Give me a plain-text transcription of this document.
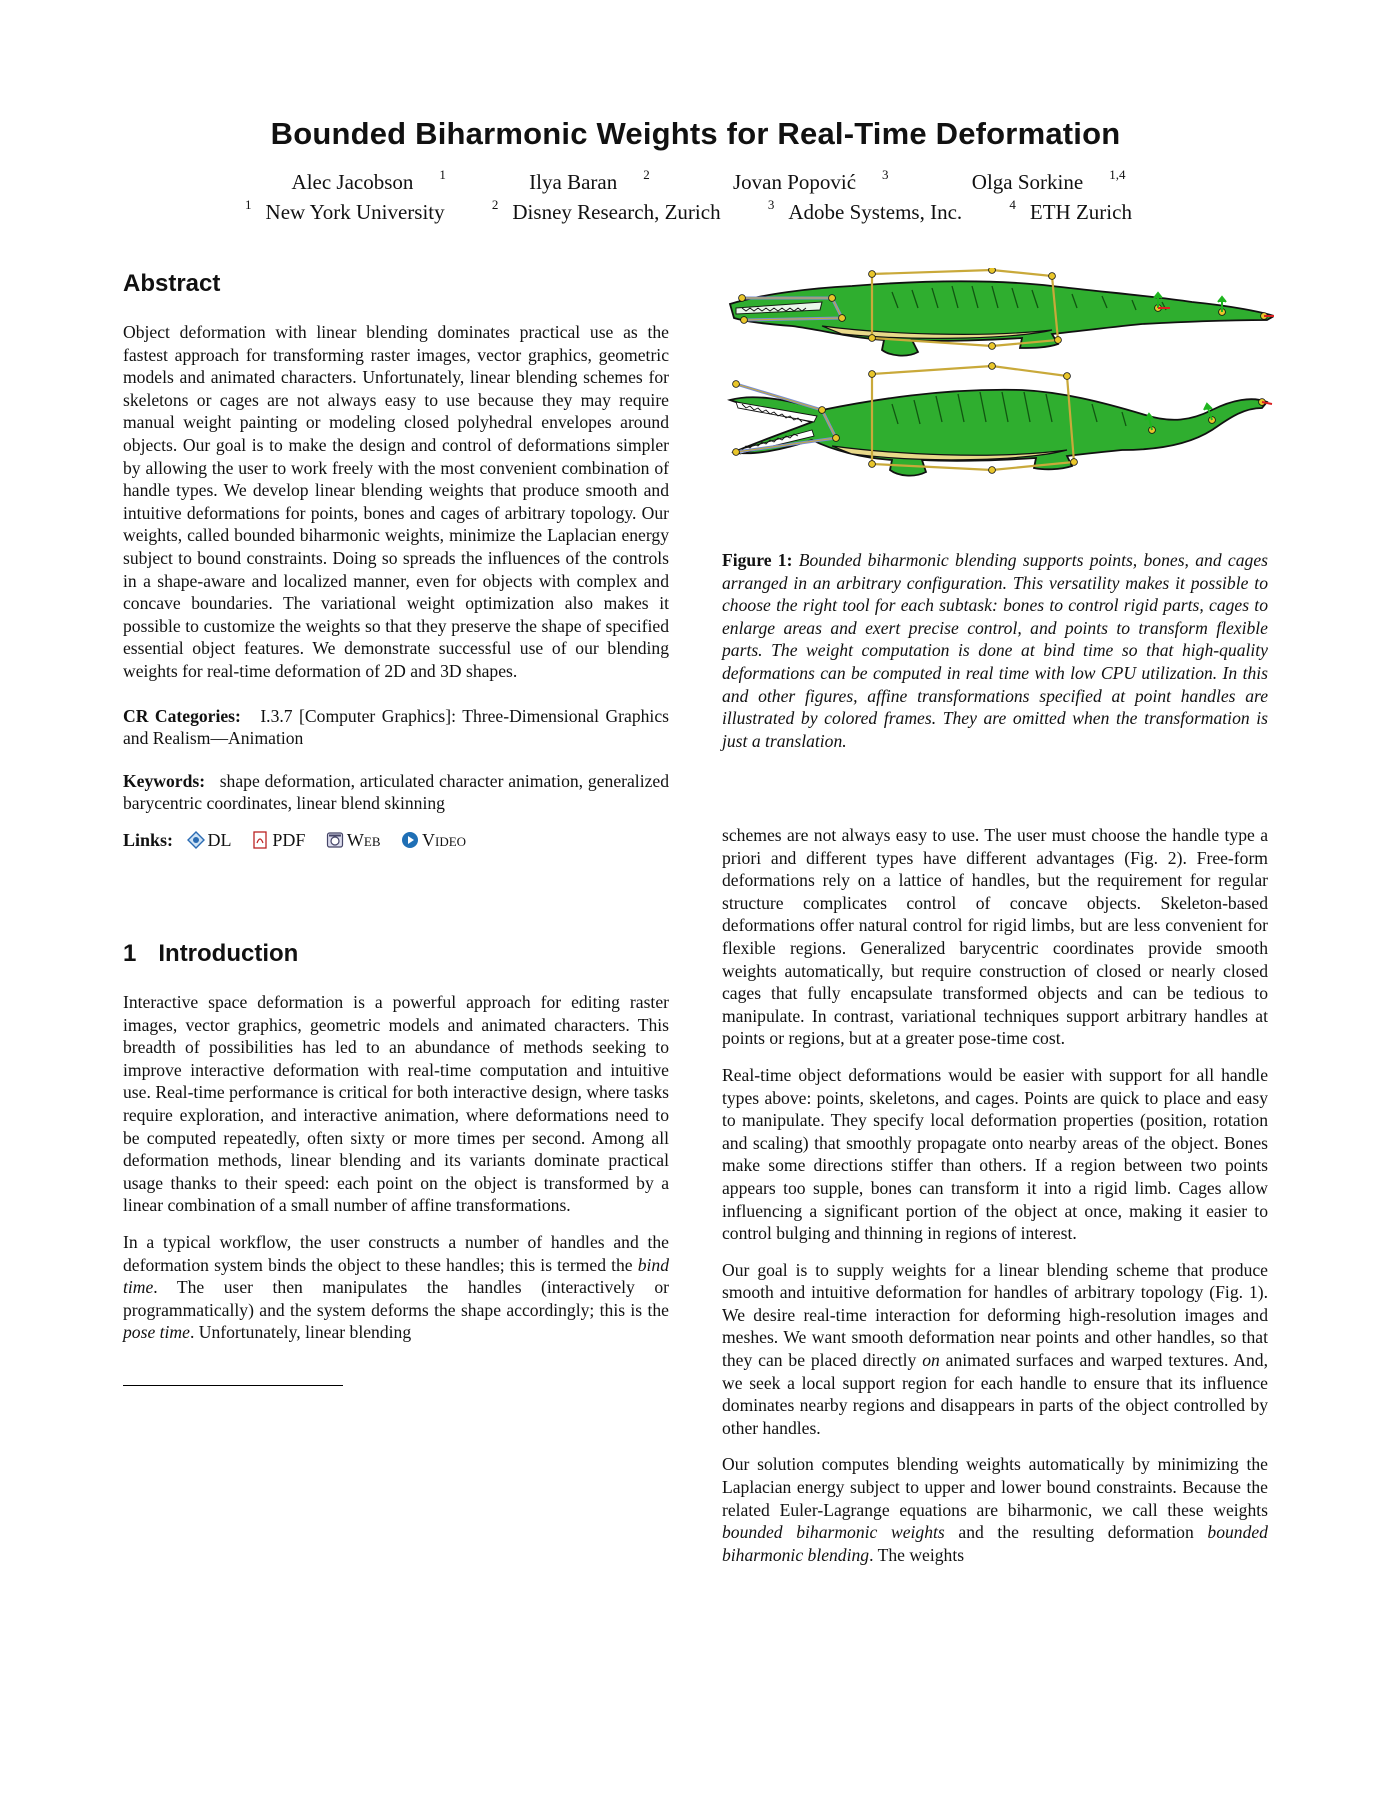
Bounded Biharmonic Weights for Real-Time Deformation
Alec Jacobson $^1$	Ilya Baran $^2$	Jovan Popović $^3$	Olga Sorkine $^{1,4}$
$^1$ New York University	$^2$ Disney Research, Zurich	$^3$ Adobe Systems, Inc.	$^4$ ETH Zurich
Abstract

Object deformation with linear blending dominates practical use as the fastest approach for transforming raster images, vector graphics, geometric models and animated characters. Unfortunately, linear blending schemes for skeletons or cages are not always easy to use because they may require manual weight painting or modeling closed polyhedral envelopes around objects. Our goal is to make the design and control of deformations simpler by allowing the user to work freely with the most convenient combination of handle types. We develop linear blending weights that produce smooth and intuitive deformations for points, bones and cages of arbitrary topology. Our weights, called bounded biharmonic weights, minimize the Laplacian energy subject to bound constraints. Doing so spreads the influences of the controls in a shape-aware and localized manner, even for objects with complex and concave boundaries. The variational weight optimization also makes it possible to customize the weights so that they preserve the shape of specified essential object features. We demonstrate successful use of our blending weights for real-time deformation of 2D and 3D shapes.

CR Categories: I.3.7 [Computer Graphics]: Three-Dimensional Graphics and Realism—Animation

Keywords: shape deformation, articulated character animation, generalized barycentric coordinates, linear blend skinning

Links: DL PDF Web Video
1 Introduction

Interactive space deformation is a powerful approach for editing raster images, vector graphics, geometric models and animated characters. This breadth of possibilities has led to an abundance of methods seeking to improve interactive deformation with real-time computation and intuitive use. Real-time performance is critical for both interactive design, where tasks require exploration, and interactive animation, where deformations need to be computed repeatedly, often sixty or more times per second. Among all deformation methods, linear blending and its variants dominate practical usage thanks to their speed: each point on the object is transformed by a linear combination of a small number of affine transformations.

In a typical workflow, the user constructs a number of handles and the deformation system binds the object to these handles; this is termed the bind time. The user then manipulates the handles (interactively or programmatically) and the system deforms the shape accordingly; this is the pose time. Unfortunately, linear blending

Figure 1: Bounded biharmonic blending supports points, bones, and cages arranged in an arbitrary configuration. This versatility makes it possible to choose the right tool for each subtask: bones to control rigid parts, cages to enlarge areas and exert precise control, and points to transform flexible parts. The weight computation is done at bind time so that high-quality deformations can be computed in real time with low CPU utilization. In this and other figures, affine transformations specified at point handles are illustrated by colored frames. They are omitted when the transformation is just a translation.

schemes are not always easy to use. The user must choose the handle type a priori and different types have different advantages (Fig. 2). Free-form deformations rely on a lattice of handles, but the requirement for regular structure complicates control of concave objects. Skeleton-based deformations offer natural control for rigid limbs, but are less convenient for flexible regions. Generalized barycentric coordinates provide smooth weights automatically, but require construction of closed or nearly closed cages that fully encapsulate transformed objects and can be tedious to manipulate. In contrast, variational techniques support arbitrary handles at points or regions, but at a greater pose-time cost.

Real-time object deformations would be easier with support for all handle types above: points, skeletons, and cages. Points are quick to place and easy to manipulate. They specify local deformation properties (position, rotation and scaling) that smoothly propagate onto nearby areas of the object. Bones make some directions stiffer than others. If a region between two points appears too supple, bones can transform it into a rigid limb. Cages allow influencing a significant portion of the object at once, making it easier to control bulging and thinning in regions of interest.

Our goal is to supply weights for a linear blending scheme that produce smooth and intuitive deformation for handles of arbitrary topology (Fig. 1). We desire real-time interaction for deforming high-resolution images and meshes. We want smooth deformation near points and other handles, so that they can be placed directly on animated surfaces and warped textures. And, we seek a local support region for each handle to ensure that its influence dominates nearby regions and disappears in parts of the object controlled by other handles.

Our solution computes blending weights automatically by minimizing the Laplacian energy subject to upper and lower bound constraints. Because the related Euler-Lagrange equations are biharmonic, we call these weights bounded biharmonic weights and the resulting deformation bounded biharmonic blending. The weights
